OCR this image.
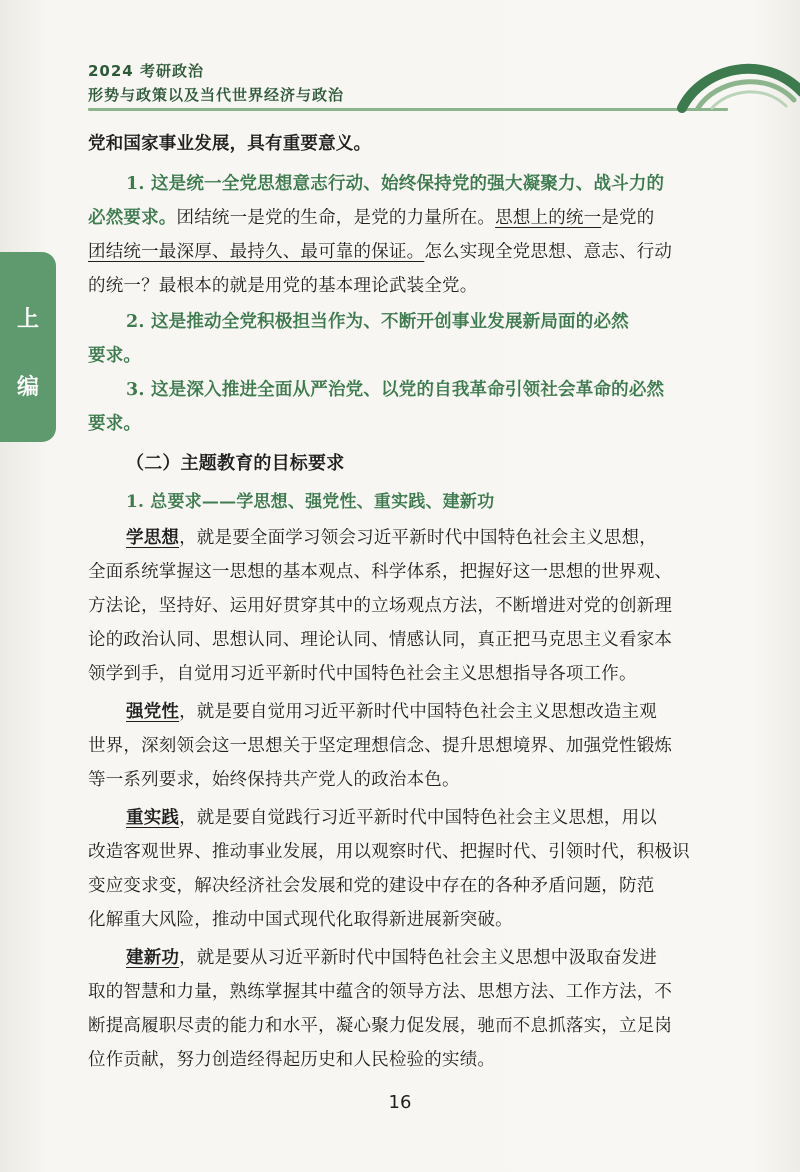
2024 考研政治
形势与政策以及当代世界经济与政治
上
编
党和国家事业发展，具有重要意义。
1. 这是统一全党思想意志行动、始终保持党的强大凝聚力、战斗力的
必然要求。团结统一是党的生命，是党的力量所在。思想上的统一是党的
团结统一最深厚、最持久、最可靠的保证。怎么实现全党思想、意志、行动
的统一？最根本的就是用党的基本理论武装全党。
2. 这是推动全党积极担当作为、不断开创事业发展新局面的必然
要求。
3. 这是深入推进全面从严治党、以党的自我革命引领社会革命的必然
要求。
（二）主题教育的目标要求
1. 总要求——学思想、强党性、重实践、建新功
学思想，就是要全面学习领会习近平新时代中国特色社会主义思想，
全面系统掌握这一思想的基本观点、科学体系，把握好这一思想的世界观、
方法论，坚持好、运用好贯穿其中的立场观点方法，不断增进对党的创新理
论的政治认同、思想认同、理论认同、情感认同，真正把马克思主义看家本
领学到手，自觉用习近平新时代中国特色社会主义思想指导各项工作。
强党性，就是要自觉用习近平新时代中国特色社会主义思想改造主观
世界，深刻领会这一思想关于坚定理想信念、提升思想境界、加强党性锻炼
等一系列要求，始终保持共产党人的政治本色。
重实践，就是要自觉践行习近平新时代中国特色社会主义思想，用以
改造客观世界、推动事业发展，用以观察时代、把握时代、引领时代，积极识
变应变求变，解决经济社会发展和党的建设中存在的各种矛盾问题，防范
化解重大风险，推动中国式现代化取得新进展新突破。
建新功，就是要从习近平新时代中国特色社会主义思想中汲取奋发进
取的智慧和力量，熟练掌握其中蕴含的领导方法、思想方法、工作方法，不
断提高履职尽责的能力和水平，凝心聚力促发展，驰而不息抓落实，立足岗
位作贡献，努力创造经得起历史和人民检验的实绩。
16
